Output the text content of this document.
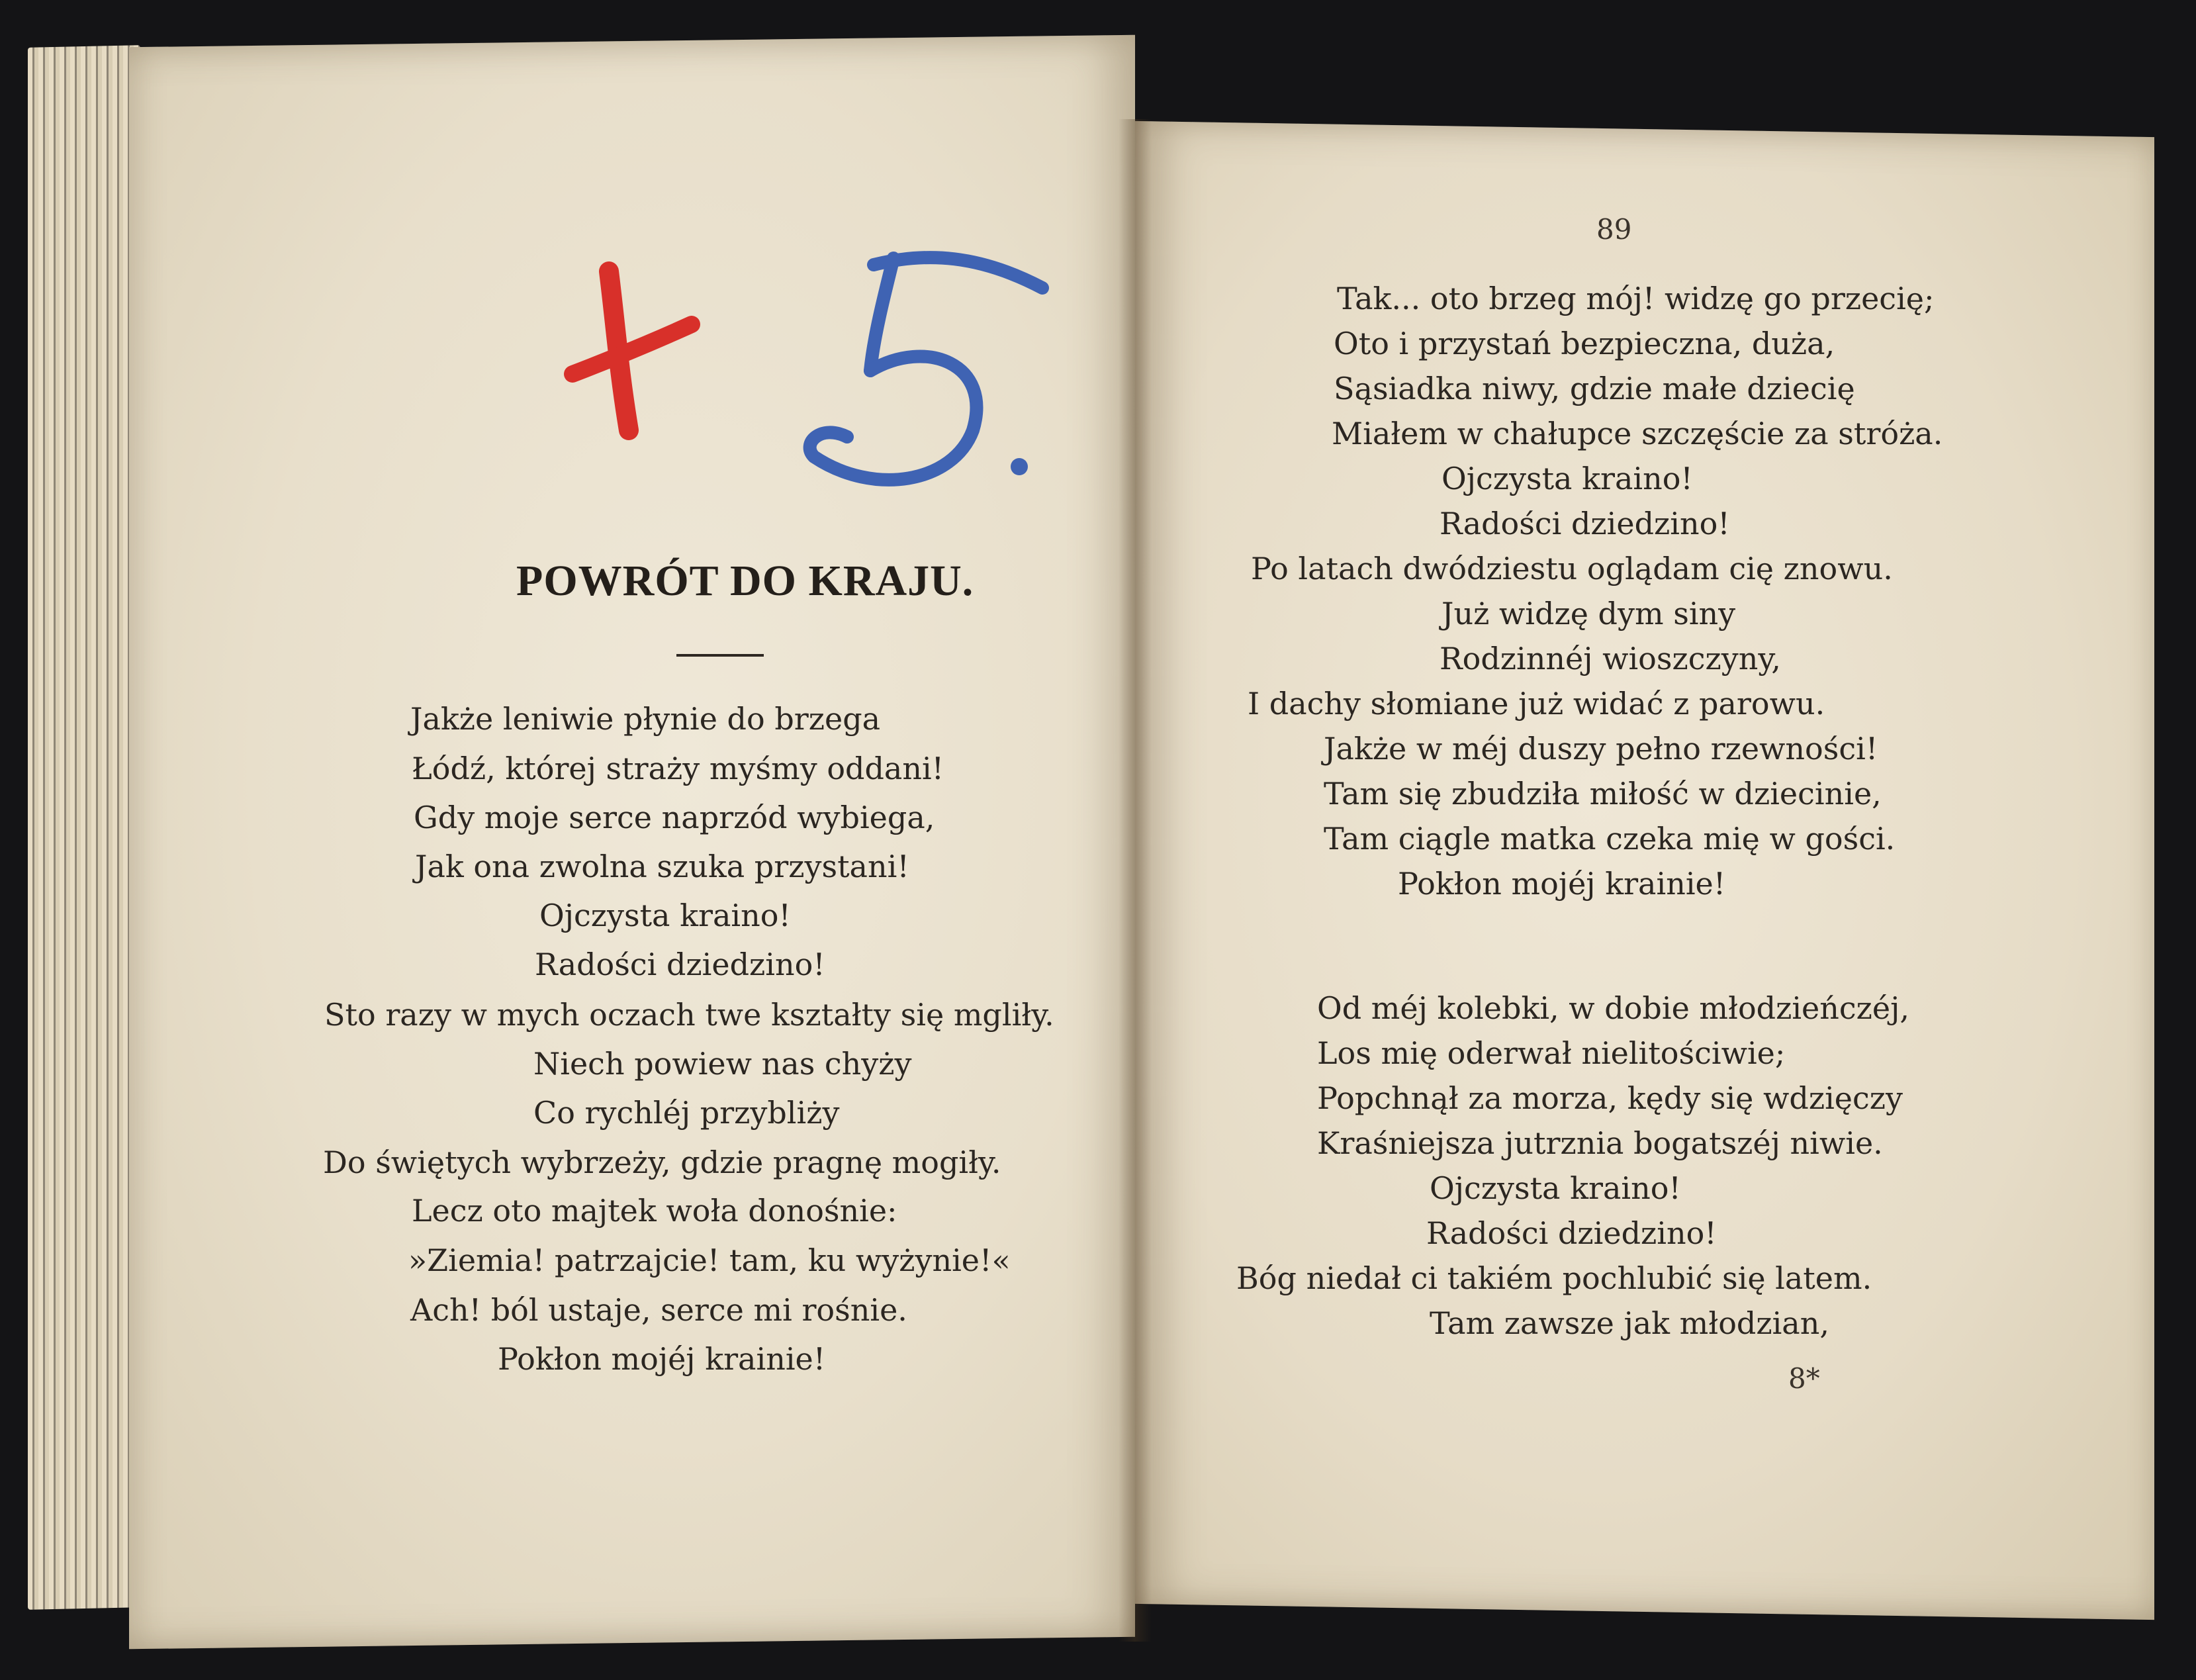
POWRÓT DO KRAJU.
Jakże leniwie płynie do brzega
Łódź, której straży myśmy oddani!
Gdy moje serce naprzód wybiega,
Jak ona zwolna szuka przystani!
Ojczysta kraino!
Radości dziedzino!
Sto razy w mych oczach twe kształty się mgliły.
Niech powiew nas chyży
Co rychléj przybliży
Do świętych wybrzeży, gdzie pragnę mogiły.
Lecz oto majtek woła donośnie:
»Ziemia! patrzajcie! tam, ku wyżynie!«
Ach! ból ustaje, serce mi rośnie.
Pokłon mojéj krainie!
89
Tak... oto brzeg mój! widzę go przecię;
Oto i przystań bezpieczna, duża,
Sąsiadka niwy, gdzie małe dziecię
Miałem w chałupce szczęście za stróża.
Ojczysta kraino!
Radości dziedzino!
Po latach dwódziestu oglądam cię znowu.
Już widzę dym siny
Rodzinnéj wioszczyny,
I dachy słomiane już widać z parowu.
Jakże w méj duszy pełno rzewności!
Tam się zbudziła miłość w dziecinie,
Tam ciągle matka czeka mię w gości.
Pokłon mojéj krainie!
Od méj kolebki, w dobie młodzieńczéj,
Los mię oderwał nielitościwie;
Popchnął za morza, kędy się wdzięczy
Kraśniejsza jutrznia bogatszéj niwie.
Ojczysta kraino!
Radości dziedzino!
Bóg niedał ci takiém pochlubić się latem.
Tam zawsze jak młodzian,
8*
